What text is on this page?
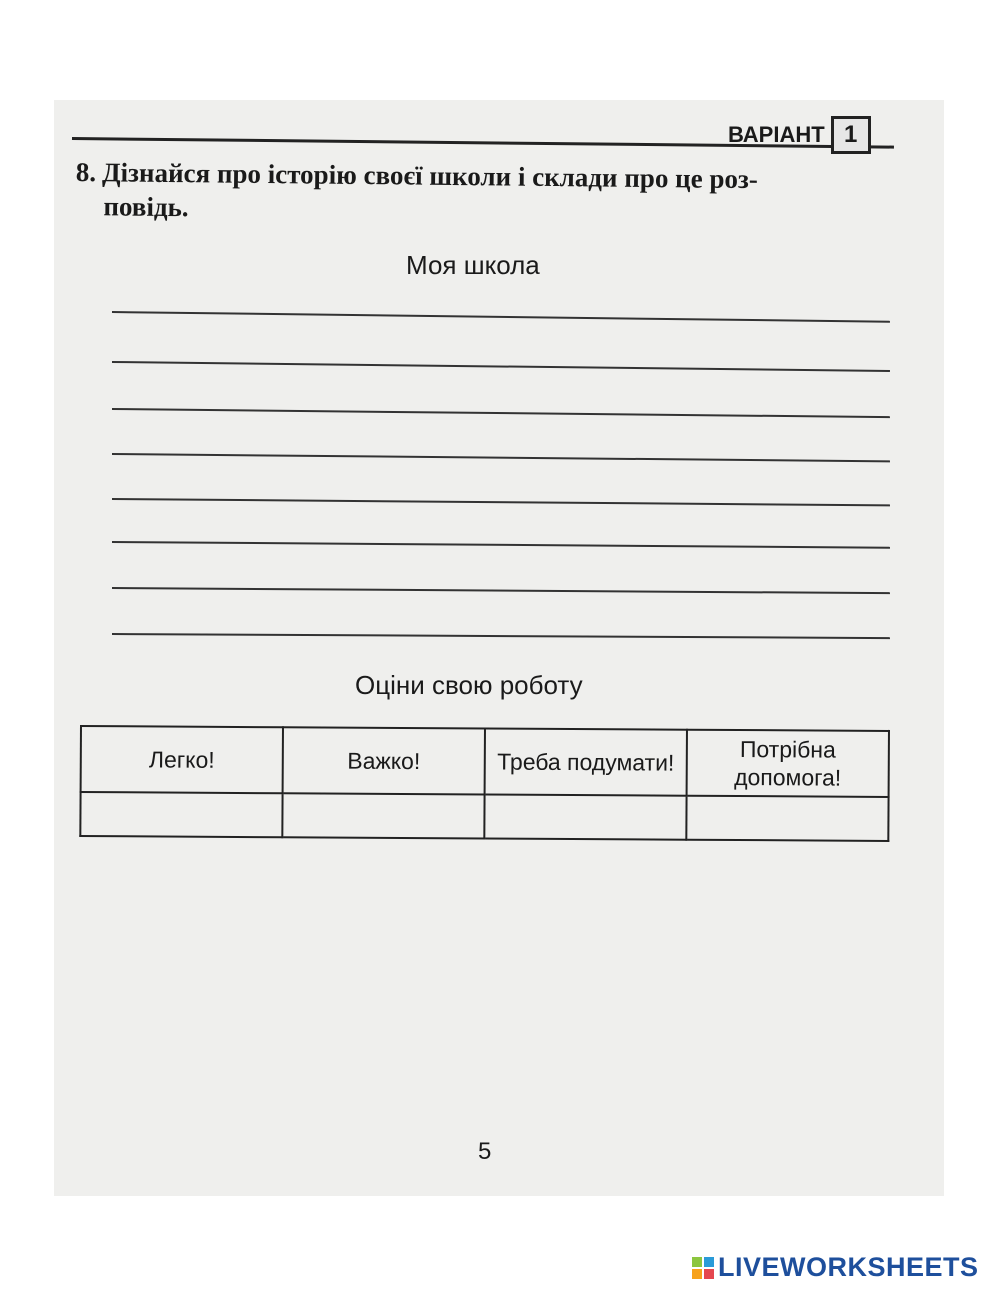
ВАРІАНТ 1
8. Дізнайся про історію своєї школи і склади про це роз-
повідь.
Моя школа
Оціни свою роботу
Легко!	Важко!	Треба подумати!	Потрібна допомога!

5
LIVEWORKSHEETS
